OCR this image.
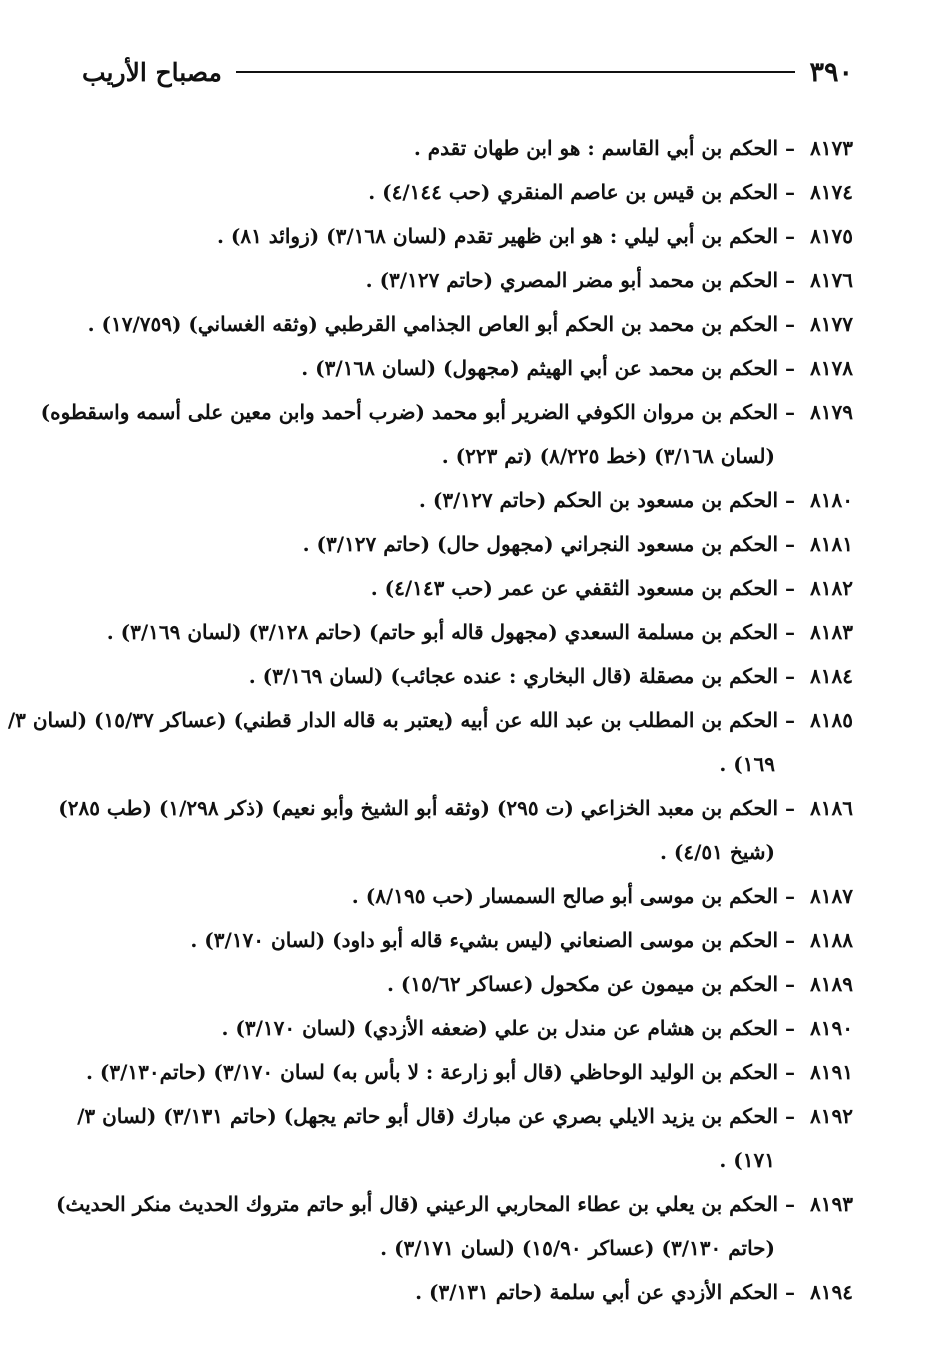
٣٩٠
مصباح الأريب
٨١٧٣– الحكم بن أبي القاسم : هو ابن طهان تقدم .
٨١٧٤– الحكم بن قيس بن عاصم المنقري (حب ٤/١٤٤) .
٨١٧٥– الحكم بن أبي ليلي : هو ابن ظهير تقدم (لسان ٣/١٦٨) (زوائد ٨١) .
٨١٧٦– الحكم بن محمد أبو مضر المصري (حاتم ٣/١٢٧) .
٨١٧٧– الحكم بن محمد بن الحكم أبو العاص الجذامي القرطبي (وثقه الغساني) (١٧/٧٥٩) .
٨١٧٨– الحكم بن محمد عن أبي الهيثم (مجهول) (لسان ٣/١٦٨) .
٨١٧٩– الحكم بن مروان الكوفي الضرير أبو محمد (ضرب أحمد وابن معين على أسمه واسقطوه)
(لسان ٣/١٦٨) (خط ٨/٢٢٥) (تم ٢٢٣) .
٨١٨٠– الحكم بن مسعود بن الحكم (حاتم ٣/١٢٧) .
٨١٨١– الحكم بن مسعود النجراني (مجهول حال) (حاتم ٣/١٢٧) .
٨١٨٢– الحكم بن مسعود الثقفي عن عمر (حب ٤/١٤٣) .
٨١٨٣– الحكم بن مسلمة السعدي (مجهول قاله أبو حاتم) (حاتم ٣/١٢٨) (لسان ٣/١٦٩) .
٨١٨٤– الحكم بن مصقلة (قال البخاري : عنده عجائب) (لسان ٣/١٦٩) .
٨١٨٥– الحكم بن المطلب بن عبد الله عن أبيه (يعتبر به قاله الدار قطني) (عساكر ١٥/٣٧) (لسان ٣/
١٦٩) .
٨١٨٦– الحكم بن معبد الخزاعي (ت ٢٩٥) (وثقه أبو الشيخ وأبو نعيم) (ذكر ١/٢٩٨) (طب ٢٨٥)
(شيخ ٤/٥١) .
٨١٨٧– الحكم بن موسى أبو صالح السمسار (حب ٨/١٩٥) .
٨١٨٨– الحكم بن موسى الصنعاني (ليس بشيء قاله أبو داود) (لسان ٣/١٧٠) .
٨١٨٩– الحكم بن ميمون عن مكحول (عساكر ١٥/٦٢) .
٨١٩٠– الحكم بن هشام عن مندل بن علي (ضعفه الأزدي) (لسان ٣/١٧٠) .
٨١٩١– الحكم بن الوليد الوحاظي (قال أبو زارعة : لا بأس به) لسان ٣/١٧٠) (حاتم٣/١٣٠) .
٨١٩٢– الحكم بن يزيد الايلي بصري عن مبارك (قال أبو حاتم يجهل) (حاتم ٣/١٣١) (لسان ٣/
١٧١) .
٨١٩٣– الحكم بن يعلي بن عطاء المحاربي الرعيني (قال أبو حاتم متروك الحديث منكر الحديث)
(حاتم ٣/١٣٠) (عساكر ١٥/٩٠) (لسان ٣/١٧١) .
٨١٩٤– الحكم الأزدي عن أبي سلمة (حاتم ٣/١٣١) .
